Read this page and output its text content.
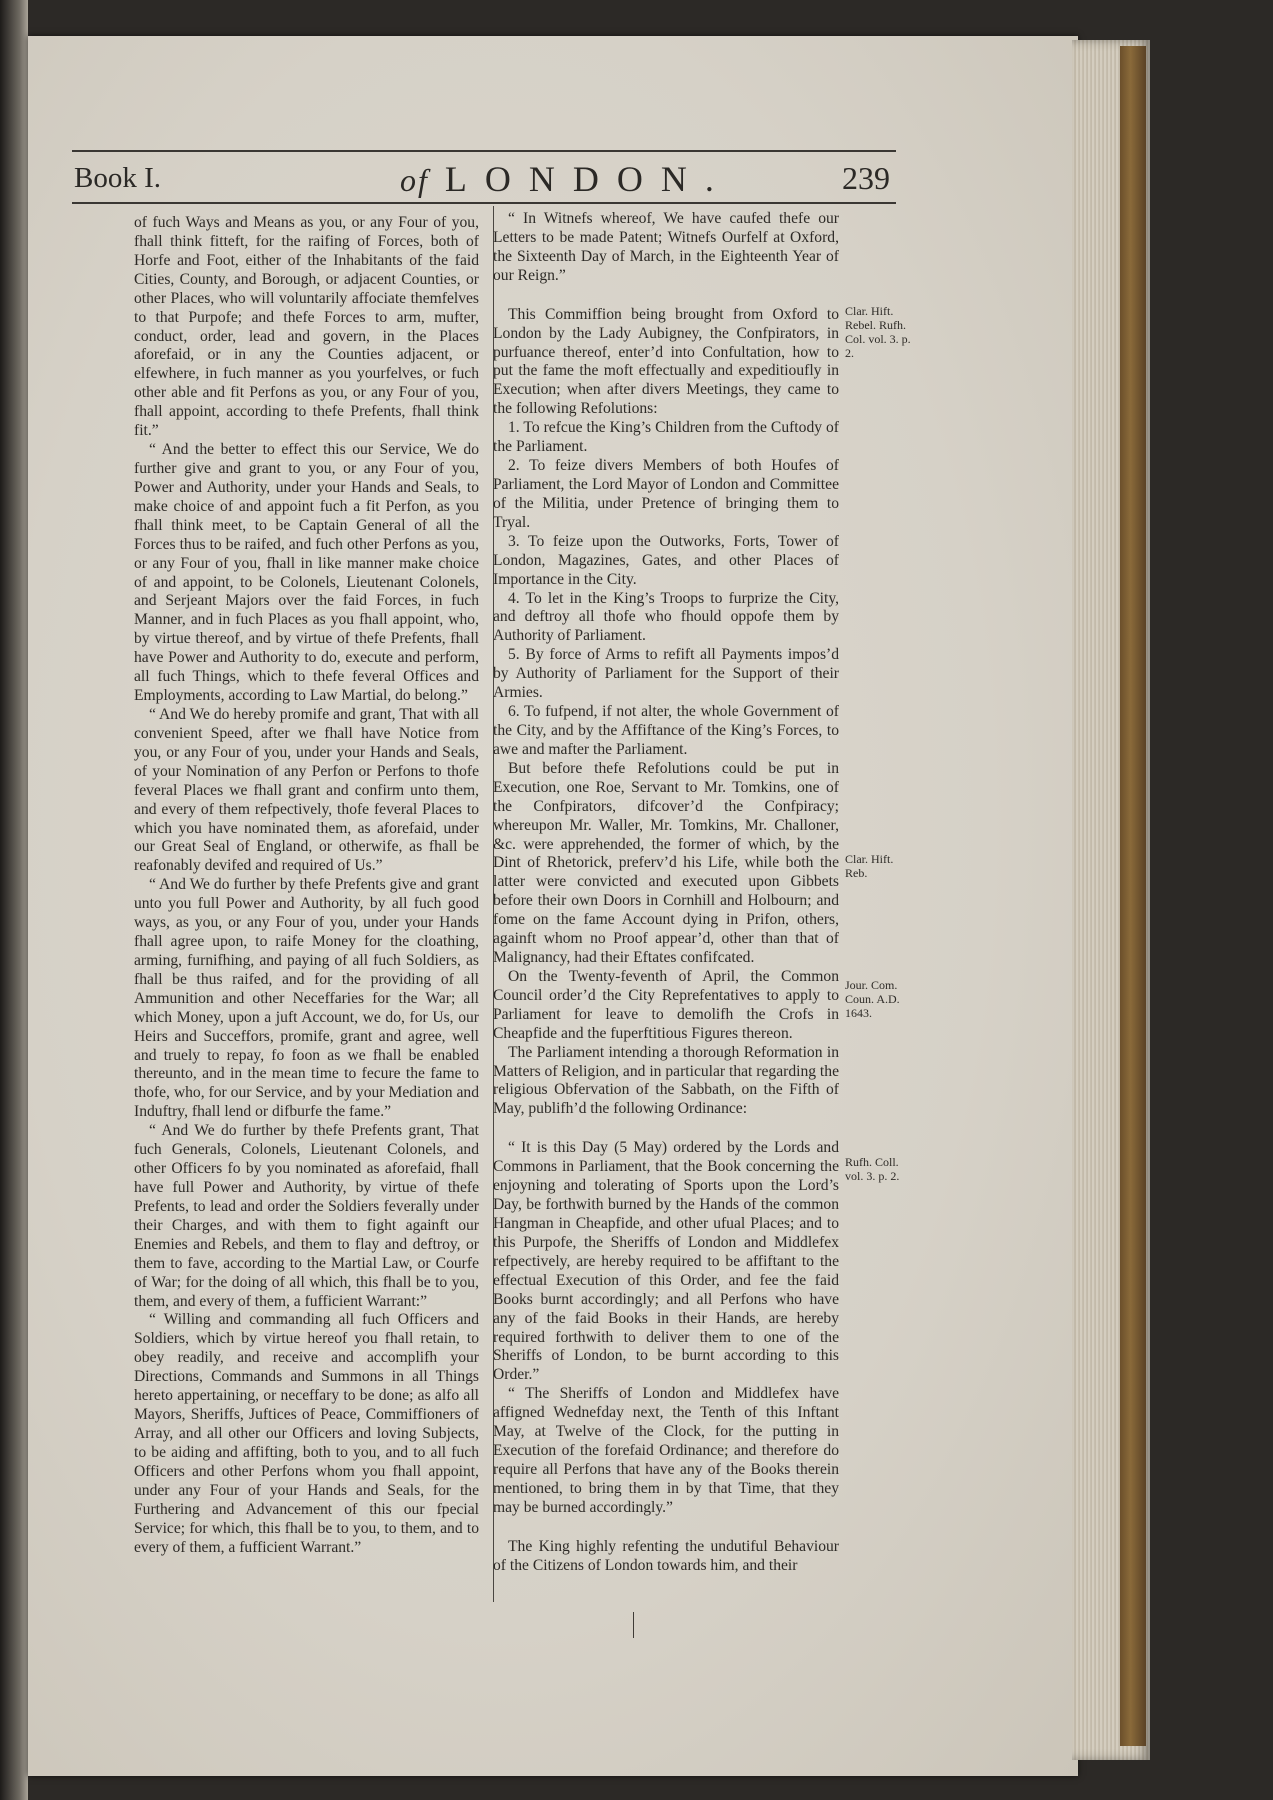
Book I.	of LONDON.	239

of fuch Ways and Means as you, or any Four of you, fhall think fitteft, for the raifing of Forces, both of Horfe and Foot, either of the Inhabitants of the faid Cities, County, and Borough, or adjacent Counties, or other Places, who will voluntarily affociate themfelves to that Purpofe; and thefe Forces to arm, mufter, conduct, order, lead and govern, in the Places aforefaid, or in any the Counties adjacent, or elfewhere, in fuch manner as you yourfelves, or fuch other able and fit Perfons as you, or any Four of you, fhall appoint, according to thefe Prefents, fhall think fit.”

“ And the better to effect this our Service, We do further give and grant to you, or any Four of you, Power and Authority, under your Hands and Seals, to make choice of and appoint fuch a fit Perfon, as you fhall think meet, to be Captain General of all the Forces thus to be raifed, and fuch other Perfons as you, or any Four of you, fhall in like manner make choice of and appoint, to be Colonels, Lieutenant Colonels, and Serjeant Majors over the faid Forces, in fuch Manner, and in fuch Places as you fhall appoint, who, by virtue thereof, and by virtue of thefe Prefents, fhall have Power and Authority to do, execute and perform, all fuch Things, which to thefe feveral Offices and Employments, according to Law Martial, do belong.”

“ And We do hereby promife and grant, That with all convenient Speed, after we fhall have Notice from you, or any Four of you, under your Hands and Seals, of your Nomination of any Perfon or Perfons to thofe feveral Places we fhall grant and confirm unto them, and every of them refpectively, thofe feveral Places to which you have nominated them, as aforefaid, under our Great Seal of England, or otherwife, as fhall be reafonably devifed and required of Us.”

“ And We do further by thefe Prefents give and grant unto you full Power and Authority, by all fuch good ways, as you, or any Four of you, under your Hands fhall agree upon, to raife Money for the cloathing, arming, furnifhing, and paying of all fuch Soldiers, as fhall be thus raifed, and for the providing of all Ammunition and other Neceffaries for the War; all which Money, upon a juft Account, we do, for Us, our Heirs and Succeffors, promife, grant and agree, well and truely to repay, fo foon as we fhall be enabled thereunto, and in the mean time to fecure the fame to thofe, who, for our Service, and by your Mediation and Induftry, fhall lend or difburfe the fame.”

“ And We do further by thefe Prefents grant, That fuch Generals, Colonels, Lieutenant Colonels, and other Officers fo by you nominated as aforefaid, fhall have full Power and Authority, by virtue of thefe Prefents, to lead and order the Soldiers feverally under their Charges, and with them to fight againft our Enemies and Rebels, and them to flay and deftroy, or them to fave, according to the Martial Law, or Courfe of War; for the doing of all which, this fhall be to you, them, and every of them, a fufficient Warrant:”

“ Willing and commanding all fuch Officers and Soldiers, which by virtue hereof you fhall retain, to obey readily, and receive and accomplifh your Directions, Commands and Summons in all Things hereto appertaining, or neceffary to be done; as alfo all Mayors, Sheriffs, Juftices of Peace, Commiffioners of Array, and all other our Officers and loving Subjects, to be aiding and affifting, both to you, and to all fuch Officers and other Perfons whom you fhall appoint, under any Four of your Hands and Seals, for the Furthering and Advancement of this our fpecial Service; for which, this fhall be to you, to them, and to every of them, a fufficient Warrant.”

“ In Witnefs whereof, We have caufed thefe our Letters to be made Patent; Witnefs Ourfelf at Oxford, the Sixteenth Day of March, in the Eighteenth Year of our Reign.”

This Commiffion being brought from Oxford to London by the Lady Aubigney, the Confpirators, in purfuance thereof, enter’d into Confultation, how to put the fame the moft effectually and expeditioufly in Execution; when after divers Meetings, they came to the following Refolutions:

1. To refcue the King’s Children from the Cuftody of the Parliament.

2. To feize divers Members of both Houfes of Parliament, the Lord Mayor of London and Committee of the Militia, under Pretence of bringing them to Tryal.

3. To feize upon the Outworks, Forts, Tower of London, Magazines, Gates, and other Places of Importance in the City.

4. To let in the King’s Troops to furprize the City, and deftroy all thofe who fhould oppofe them by Authority of Parliament.

5. By force of Arms to refift all Payments impos’d by Authority of Parliament for the Support of their Armies.

6. To fufpend, if not alter, the whole Government of the City, and by the Affiftance of the King’s Forces, to awe and mafter the Parliament.

But before thefe Refolutions could be put in Execution, one Roe, Servant to Mr. Tomkins, one of the Confpirators, difcover’d the Confpiracy; whereupon Mr. Waller, Mr. Tomkins, Mr. Challoner, &c. were apprehended, the former of which, by the Dint of Rhetorick, preferv’d his Life, while both the latter were convicted and executed upon Gibbets before their own Doors in Cornhill and Holbourn; and fome on the fame Account dying in Prifon, others, againft whom no Proof appear’d, other than that of Malignancy, had their Eftates confifcated.

On the Twenty-feventh of April, the Common Council order’d the City Reprefentatives to apply to Parliament for leave to demolifh the Crofs in Cheapfide and the fuperftitious Figures thereon.

The Parliament intending a thorough Reformation in Matters of Religion, and in particular that regarding the religious Obfervation of the Sabbath, on the Fifth of May, publifh’d the following Ordinance:

“ It is this Day (5 May) ordered by the Lords and Commons in Parliament, that the Book concerning the enjoyning and tolerating of Sports upon the Lord’s Day, be forthwith burned by the Hands of the common Hangman in Cheapfide, and other ufual Places; and to this Purpofe, the Sheriffs of London and Middlefex refpectively, are hereby required to be affiftant to the effectual Execution of this Order, and fee the faid Books burnt accordingly; and all Perfons who have any of the faid Books in their Hands, are hereby required forthwith to deliver them to one of the Sheriffs of London, to be burnt according to this Order.”

“ The Sheriffs of London and Middlefex have affigned Wednefday next, the Tenth of this Inftant May, at Twelve of the Clock, for the putting in Execution of the forefaid Ordinance; and therefore do require all Perfons that have any of the Books therein mentioned, to bring them in by that Time, that they may be burned accordingly.”

The King highly refenting the undutiful Behaviour of the Citizens of London towards him, and their

Clar. Hift. Rebel. Rufh. Col. vol. 3. p. 2.
Clar. Hift. Reb.
Jour. Com. Coun. A.D. 1643.
Rufh. Coll. vol. 3. p. 2.
